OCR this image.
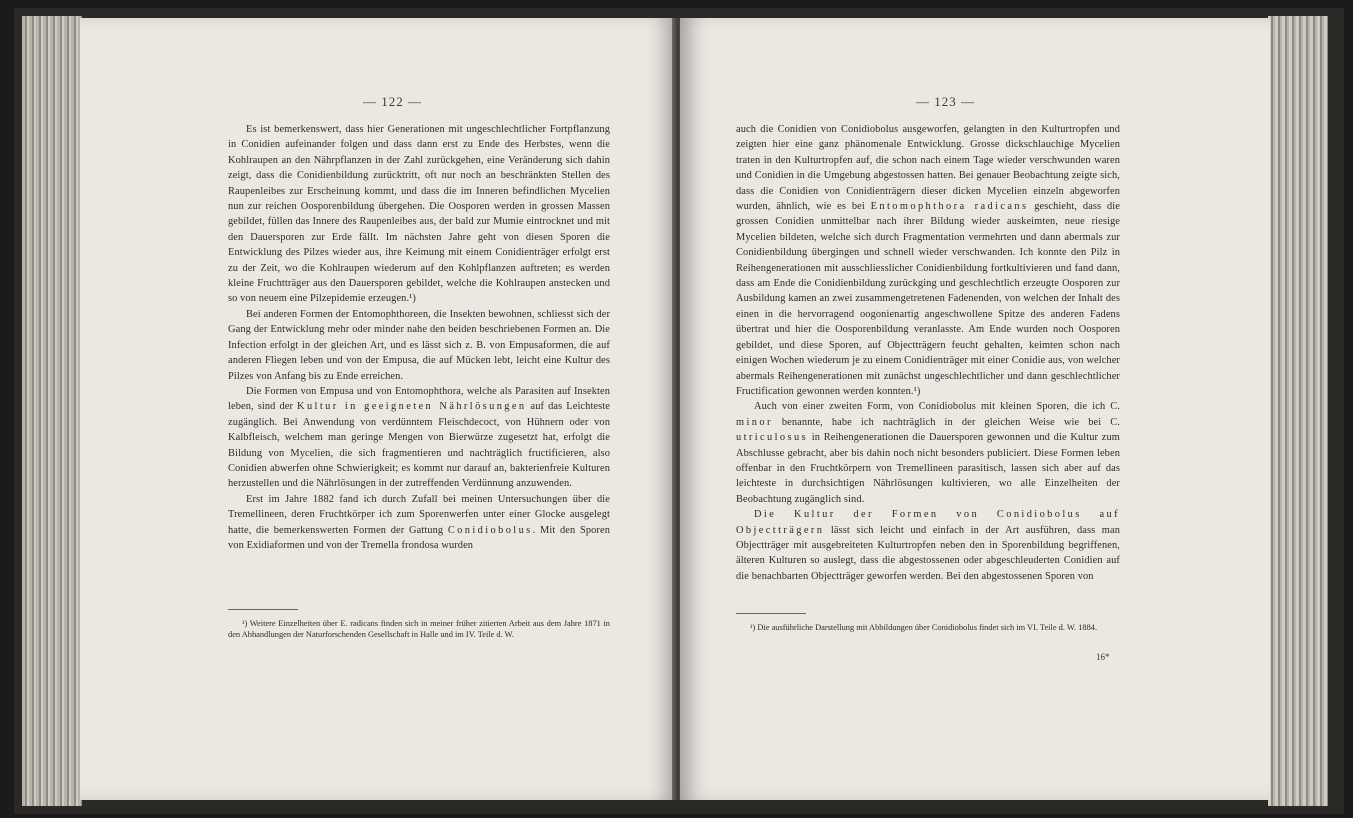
— 122 —

Es ist bemerkenswert, dass hier Generationen mit ungeschlechtlicher Fortpflanzung in Conidien aufeinander folgen und dass dann erst zu Ende des Herbstes, wenn die Kohlraupen an den Nährpflanzen in der Zahl zurückgehen, eine Veränderung sich dahin zeigt, dass die Conidienbildung zurücktritt, oft nur noch an beschränkten Stellen des Raupenleibes zur Erscheinung kommt, und dass die im Inneren befindlichen Mycelien nun zur reichen Oosporenbildung übergehen. Die Oosporen werden in grossen Massen gebildet, füllen das Innere des Raupenleibes aus, der bald zur Mumie eintrocknet und mit den Dauersporen zur Erde fällt. Im nächsten Jahre geht von diesen Sporen die Entwicklung des Pilzes wieder aus, ihre Keimung mit einem Conidienträger erfolgt erst zu der Zeit, wo die Kohlraupen wiederum auf den Kohlpflanzen auftreten; es werden kleine Fruchtträger aus den Dauersporen gebildet, welche die Kohlraupen anstecken und so von neuem eine Pilzepidemie erzeugen.¹)

Bei anderen Formen der Entomophthoreen, die Insekten bewohnen, schliesst sich der Gang der Entwicklung mehr oder minder nahe den beiden beschriebenen Formen an. Die Infection erfolgt in der gleichen Art, und es lässt sich z. B. von Empusaformen, die auf anderen Fliegen leben und von der Empusa, die auf Mücken lebt, leicht eine Kultur des Pilzes von Anfang bis zu Ende erreichen.

Die Formen von Empusa und von Entomophthora, welche als Parasiten auf Insekten leben, sind der Kultur in geeigneten Nährlösungen auf das Leichteste zugänglich. Bei Anwendung von verdünntem Fleischdecoct, von Hühnern oder von Kalbfleisch, welchem man geringe Mengen von Bierwürze zugesetzt hat, erfolgt die Bildung von Mycelien, die sich fragmentieren und nachträglich fructificieren, also Conidien abwerfen ohne Schwierigkeit; es kommt nur darauf an, bakterienfreie Kulturen herzustellen und die Nährlösungen in der zutreffenden Verdünnung anzuwenden.

Erst im Jahre 1882 fand ich durch Zufall bei meinen Untersuchungen über die Tremellineen, deren Fruchtkörper ich zum Sporenwerfen unter einer Glocke ausgelegt hatte, die bemerkenswerten Formen der Gattung Conidiobolus. Mit den Sporen von Exidiaformen und von der Tremella frondosa wurden

¹) Weitere Einzelheiten über E. radicans finden sich in meiner früher zitierten Arbeit aus dem Jahre 1871 in den Abhandlungen der Naturforschenden Gesellschaft in Halle und im IV. Teile d. W.

— 123 —

auch die Conidien von Conidiobolus ausgeworfen, gelangten in den Kulturtropfen und zeigten hier eine ganz phänomenale Entwicklung. Grosse dickschlauchige Mycelien traten in den Kulturtropfen auf, die schon nach einem Tage wieder verschwunden waren und Conidien in die Umgebung abgestossen hatten. Bei genauer Beobachtung zeigte sich, dass die Conidien von Conidienträgern dieser dicken Mycelien einzeln abgeworfen wurden, ähnlich, wie es bei Entomophthora radicans geschieht, dass die grossen Conidien unmittelbar nach ihrer Bildung wieder auskeimten, neue riesige Mycelien bildeten, welche sich durch Fragmentation vermehrten und dann abermals zur Conidienbildung übergingen und schnell wieder verschwanden. Ich konnte den Pilz in Reihengenerationen mit ausschliesslicher Conidienbildung fortkultivieren und fand dann, dass am Ende die Conidienbildung zurückging und geschlechtlich erzeugte Oosporen zur Ausbildung kamen an zwei zusammengetretenen Fadenenden, von welchen der Inhalt des einen in die hervorragend oogonienartig angeschwollene Spitze des anderen Fadens übertrat und hier die Oosporenbildung veranlasste. Am Ende wurden noch Oosporen gebildet, und diese Sporen, auf Objectträgern feucht gehalten, keimten schon nach einigen Wochen wiederum je zu einem Conidienträger mit einer Conidie aus, von welcher abermals Reihengenerationen mit zunächst ungeschlechtlicher und dann geschlechtlicher Fructification gewonnen werden konnten.¹)

Auch von einer zweiten Form, von Conidiobolus mit kleinen Sporen, die ich C. minor benannte, habe ich nachträglich in der gleichen Weise wie bei C. utriculosus in Reihengenerationen die Dauersporen gewonnen und die Kultur zum Abschlusse gebracht, aber bis dahin noch nicht besonders publiciert. Diese Formen leben offenbar in den Fruchtkörpern von Tremellineen parasitisch, lassen sich aber auf das leichteste in durchsichtigen Nährlösungen kultivieren, wo alle Einzelheiten der Beobachtung zugänglich sind.

Die Kultur der Formen von Conidiobolus auf Objectträgern lässt sich leicht und einfach in der Art ausführen, dass man Objectträger mit ausgebreiteten Kulturtropfen neben den in Sporenbildung begriffenen, älteren Kulturen so auslegt, dass die abgestossenen oder abgeschleuderten Conidien auf die benachbarten Objectträger geworfen werden. Bei den abgestossenen Sporen von

¹) Die ausführliche Darstellung mit Abbildungen über Conidiobolus findet sich im VI. Teile d. W. 1884.

16*
